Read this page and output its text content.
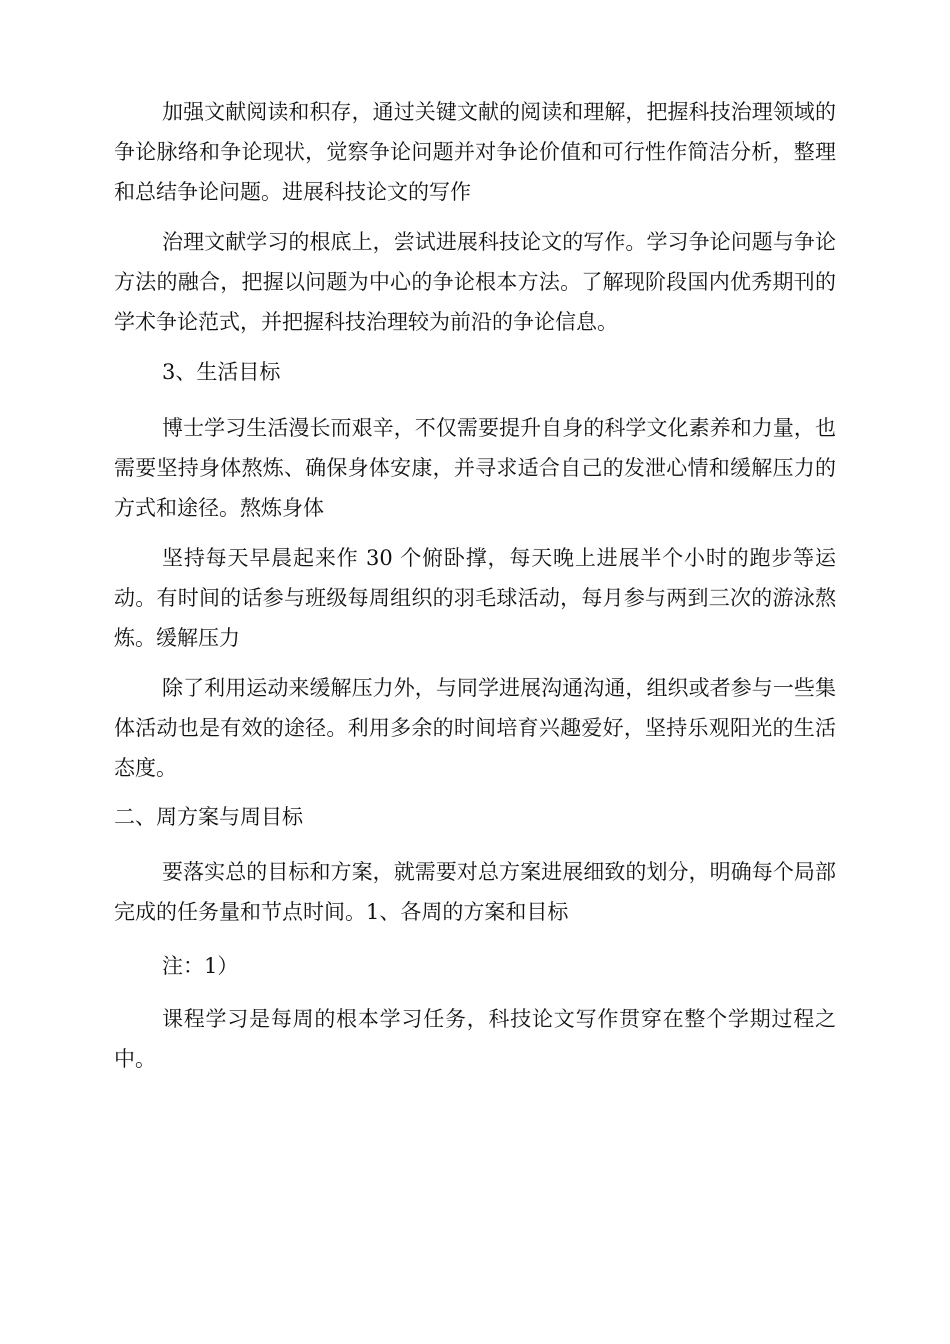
加强文献阅读和积存，通过关键文献的阅读和理解，把握科技治理领域的争论脉络和争论现状，觉察争论问题并对争论价值和可行性作简洁分析，整理和总结争论问题。进展科技论文的写作

治理文献学习的根底上，尝试进展科技论文的写作。学习争论问题与争论方法的融合，把握以问题为中心的争论根本方法。了解现阶段国内优秀期刊的学术争论范式，并把握科技治理较为前沿的争论信息。

3、生活目标

博士学习生活漫长而艰辛，不仅需要提升自身的科学文化素养和力量，也需要坚持身体熬炼、确保身体安康，并寻求适合自己的发泄心情和缓解压力的方式和途径。熬炼身体

坚持每天早晨起来作 30 个俯卧撑，每天晚上进展半个小时的跑步等运动。有时间的话参与班级每周组织的羽毛球活动，每月参与两到三次的游泳熬炼。缓解压力

除了利用运动来缓解压力外，与同学进展沟通沟通，组织或者参与一些集体活动也是有效的途径。利用多余的时间培育兴趣爱好，坚持乐观阳光的生活态度。

二、周方案与周目标

要落实总的目标和方案，就需要对总方案进展细致的划分，明确每个局部完成的任务量和节点时间。1、各周的方案和目标

注：1）

课程学习是每周的根本学习任务，科技论文写作贯穿在整个学期过程之中。
